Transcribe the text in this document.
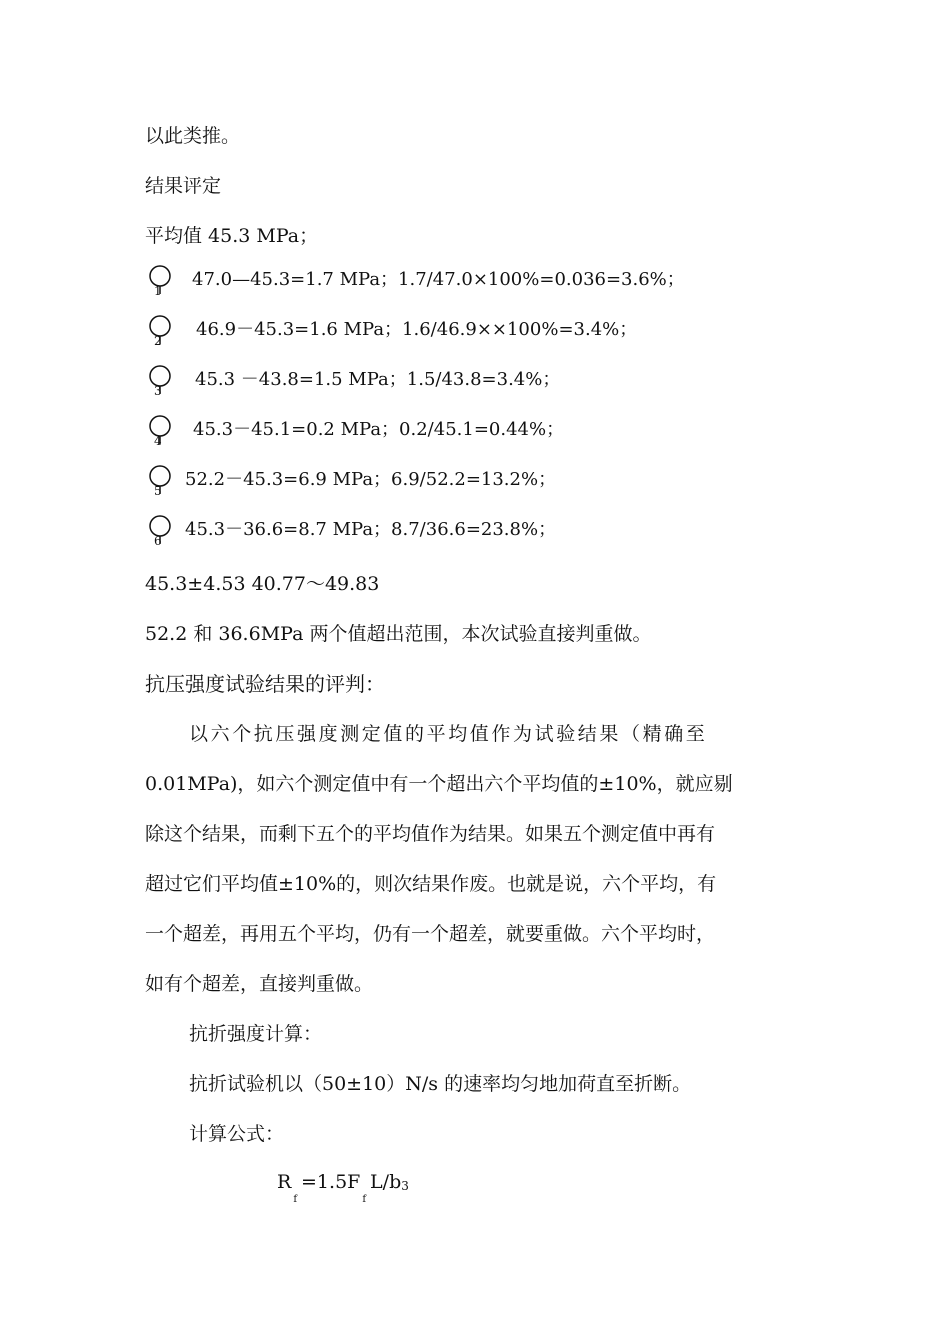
以此类推。
结果评定
平均值 45.3 MPa；
1
47.0—45.3=1.7 MPa；1.7/47.0×100%=0.036=3.6%；
2
46.9－45.3=1.6 MPa；1.6/46.9××100%=3.4%；
3
45.3 －43.8=1.5 MPa；1.5/43.8=3.4%；
4
45.3－45.1=0.2 MPa；0.2/45.1=0.44%；
5
52.2－45.3=6.9 MPa；6.9/52.2=13.2%；
6
45.3－36.6=8.7 MPa；8.7/36.6=23.8%；
45.3±4.53 40.77～49.83
52.2 和 36.6MPa 两个值超出范围，本次试验直接判重做。
抗压强度试验结果的评判：
以六个抗压强度测定值的平均值作为试验结果（精确至
0.01MPa)，如六个测定值中有一个超出六个平均值的±10%，就应剔
除这个结果，而剩下五个的平均值作为结果。如果五个测定值中再有
超过它们平均值±10%的，则次结果作废。也就是说，六个平均，有
一个超差，再用五个平均，仍有一个超差，就要重做。六个平均时，
如有个超差，直接判重做。
抗折强度计算：
抗折试验机以（50±10）N/s 的速率均匀地加荷直至折断。
计算公式：
$R_f=1.5F_fL/b3$
